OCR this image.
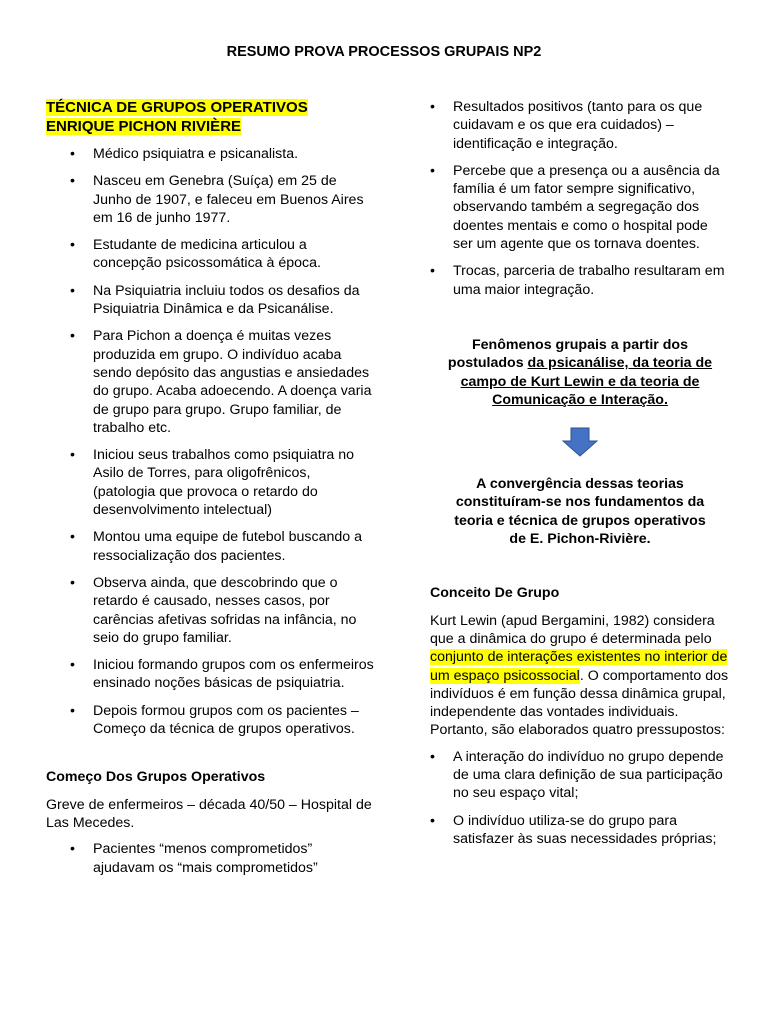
RESUMO PROVA PROCESSOS GRUPAIS NP2
TÉCNICA DE GRUPOS OPERATIVOS
ENRIQUE PICHON RIVIÈRE
• Médico psiquiatra e psicanalista.
• Nasceu em Genebra (Suíça) em 25 de Junho de 1907, e faleceu em Buenos Aires em 16 de junho 1977.
• Estudante de medicina articulou a concepção psicossomática à época.
• Na Psiquiatria incluiu todos os desafios da Psiquiatria Dinâmica e da Psicanálise.
• Para Pichon a doença é muitas vezes produzida em grupo. O indivíduo acaba sendo depósito das angustias e ansiedades do grupo. Acaba adoecendo. A doença varia de grupo para grupo. Grupo familiar, de trabalho etc.
• Iniciou seus trabalhos como psiquiatra no Asilo de Torres, para oligofrênicos, (patologia que provoca o retardo do desenvolvimento intelectual)
• Montou uma equipe de futebol buscando a ressocialização dos pacientes.
• Observa ainda, que descobrindo que o retardo é causado, nesses casos, por carências afetivas sofridas na infância, no seio do grupo familiar.
• Iniciou formando grupos com os enfermeiros ensinado noções básicas de psiquiatria.
• Depois formou grupos com os pacientes – Começo da técnica de grupos operativos.
Começo Dos Grupos Operativos
Greve de enfermeiros – década 40/50 – Hospital de Las Mecedes.
• Pacientes “menos comprometidos” ajudavam os “mais comprometidos”
• Resultados positivos (tanto para os que cuidavam e os que era cuidados) – identificação e integração.
• Percebe que a presença ou a ausência da família é um fator sempre significativo, observando também a segregação dos doentes mentais e como o hospital pode ser um agente que os tornava doentes.
• Trocas, parceria de trabalho resultaram em uma maior integração.
Fenômenos grupais a partir dos
postulados da psicanálise, da teoria de
campo de Kurt Lewin e da teoria de
Comunicação e Interação.
A convergência dessas teorias
constituíram-se nos fundamentos da
teoria e técnica de grupos operativos
de E. Pichon-Rivière.
Conceito De Grupo
Kurt Lewin (apud Bergamini, 1982) considera que a dinâmica do grupo é determinada pelo conjunto de interações existentes no interior de um espaço psicossocial. O comportamento dos indivíduos é em função dessa dinâmica grupal, independente das vontades individuais. Portanto, são elaborados quatro pressupostos:
• A interação do indivíduo no grupo depende de uma clara definição de sua participação no seu espaço vital;
• O indivíduo utiliza-se do grupo para satisfazer às suas necessidades próprias;
